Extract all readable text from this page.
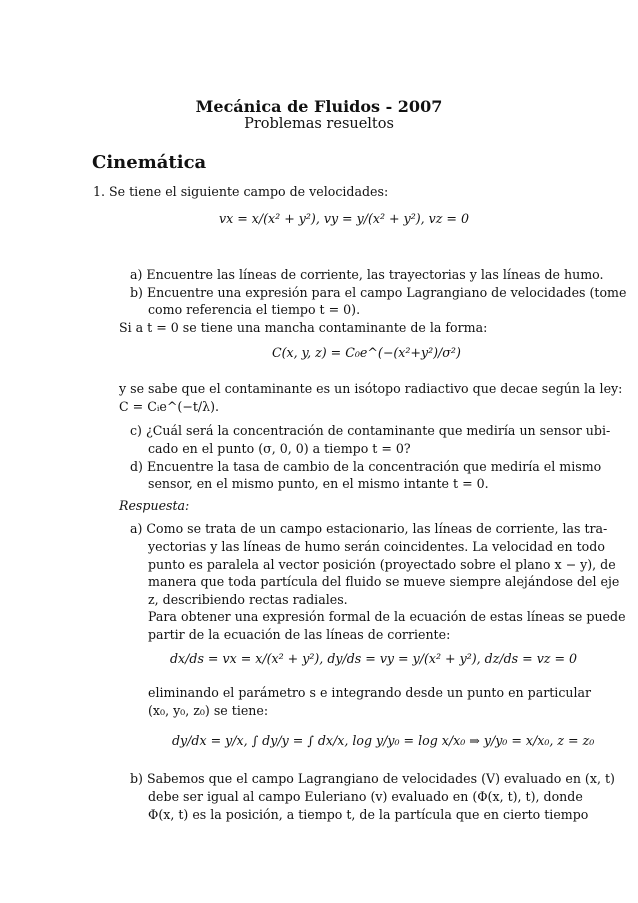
Mecánica de Fluidos - 2007
Problemas resueltos
Cinemática
1. Se tiene el siguiente campo de velocidades:
vx = x/(x² + y²), vy = y/(x² + y²), vz = 0
a) Encuentre las líneas de corriente, las trayectorias y las líneas de humo.
b) Encuentre una expresión para el campo Lagrangiano de velocidades (tome
como referencia el tiempo t = 0).
Si a t = 0 se tiene una mancha contaminante de la forma:
C(x, y, z) = C₀e^(−(x²+y²)/σ²)
y se sabe que el contaminante es un isótopo radiactivo que decae según la ley:
C = Cᵢe^(−t/λ).
c) ¿Cuál será la concentración de contaminante que mediría un sensor ubi-
cado en el punto (σ, 0, 0) a tiempo t = 0?
d) Encuentre la tasa de cambio de la concentración que mediría el mismo
sensor, en el mismo punto, en el mismo intante t = 0.
Respuesta:
a) Como se trata de un campo estacionario, las líneas de corriente, las tra-
yectorias y las líneas de humo serán coincidentes. La velocidad en todo
punto es paralela al vector posición (proyectado sobre el plano x − y), de
manera que toda partícula del fluido se mueve siempre alejándose del eje
z, describiendo rectas radiales.
Para obtener una expresión formal de la ecuación de estas líneas se puede
partir de la ecuación de las líneas de corriente:
dx/ds = vx = x/(x² + y²), dy/ds = vy = y/(x² + y²), dz/ds = vz = 0
eliminando el parámetro s e integrando desde un punto en particular
(x₀, y₀, z₀) se tiene:
dy/dx = y/x, ∫ dy/y = ∫ dx/x, log y/y₀ = log x/x₀ ⇒ y/y₀ = x/x₀, z = z₀
b) Sabemos que el campo Lagrangiano de velocidades (V) evaluado en (x, t)
debe ser igual al campo Euleriano (v) evaluado en (Φ(x, t), t), donde
Φ(x, t) es la posición, a tiempo t, de la partícula que en cierto tiempo
